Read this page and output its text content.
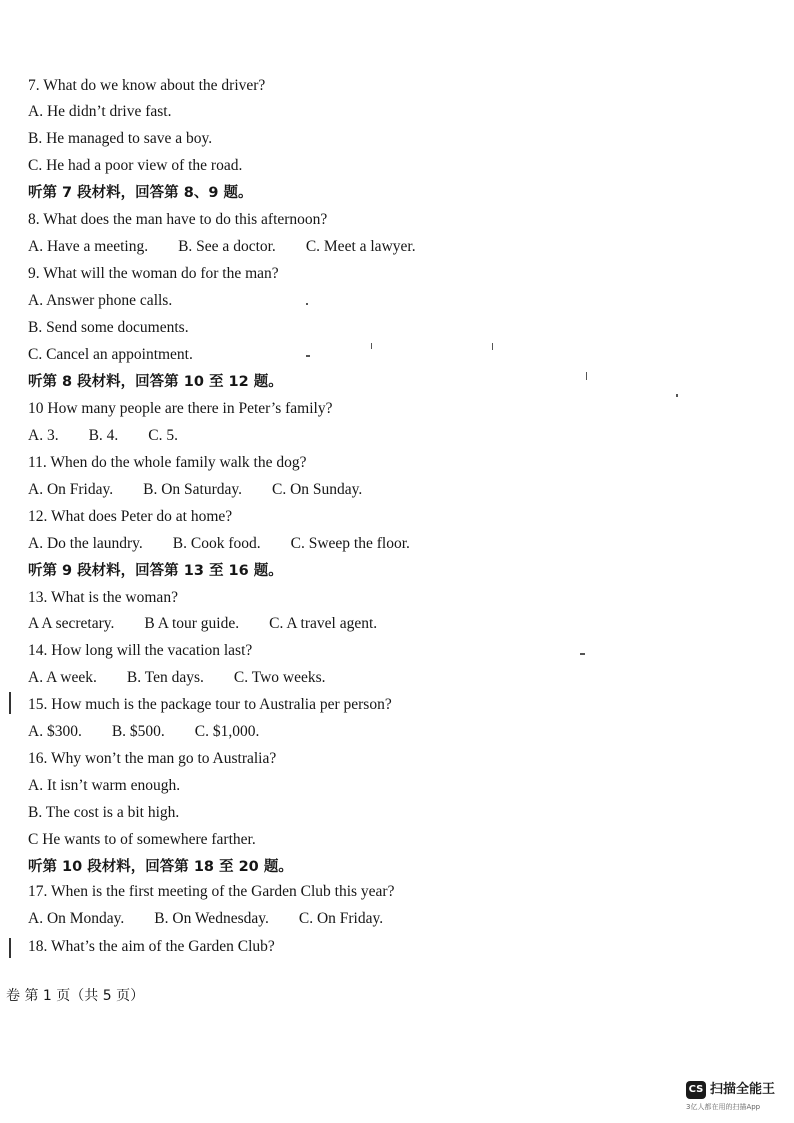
7. What do we know about the driver?
A. He didn’t drive fast.
B. He managed to save a boy.
C. He had a poor view of the road.
听第 7 段材料，回答第 8、9 题。
8. What does the man have to do this afternoon?
A. Have a meeting. B. See a doctor. C. Meet a lawyer.
9. What will the woman do for the man?
A. Answer phone calls.
B. Send some documents.
C. Cancel an appointment.
听第 8 段材料，回答第 10 至 12 题。
10 How many people are there in Peter’s family?
A. 3. B. 4. C. 5.
11. When do the whole family walk the dog?
A. On Friday. B. On Saturday. C. On Sunday.
12. What does Peter do at home?
A. Do the laundry. B. Cook food. C. Sweep the floor.
听第 9 段材料，回答第 13 至 16 题。
13. What is the woman?
A A secretary. B A tour guide. C. A travel agent.
14. How long will the vacation last?
A. A week. B. Ten days. C. Two weeks.
15. How much is the package tour to Australia per person?
A. $300. B. $500. C. $1,000.
16. Why won’t the man go to Australia?
A. It isn’t warm enough.
B. The cost is a bit high.
C He wants to of somewhere farther.
听第 10 段材料，回答第 18 至 20 题。
17. When is the first meeting of the Garden Club this year?
A. On Monday. B. On Wednesday. C. On Friday.
18. What’s the aim of the Garden Club?
卷 第 1 页（共 5 页）
CS 扫描全能王
3亿人都在用的扫描App
